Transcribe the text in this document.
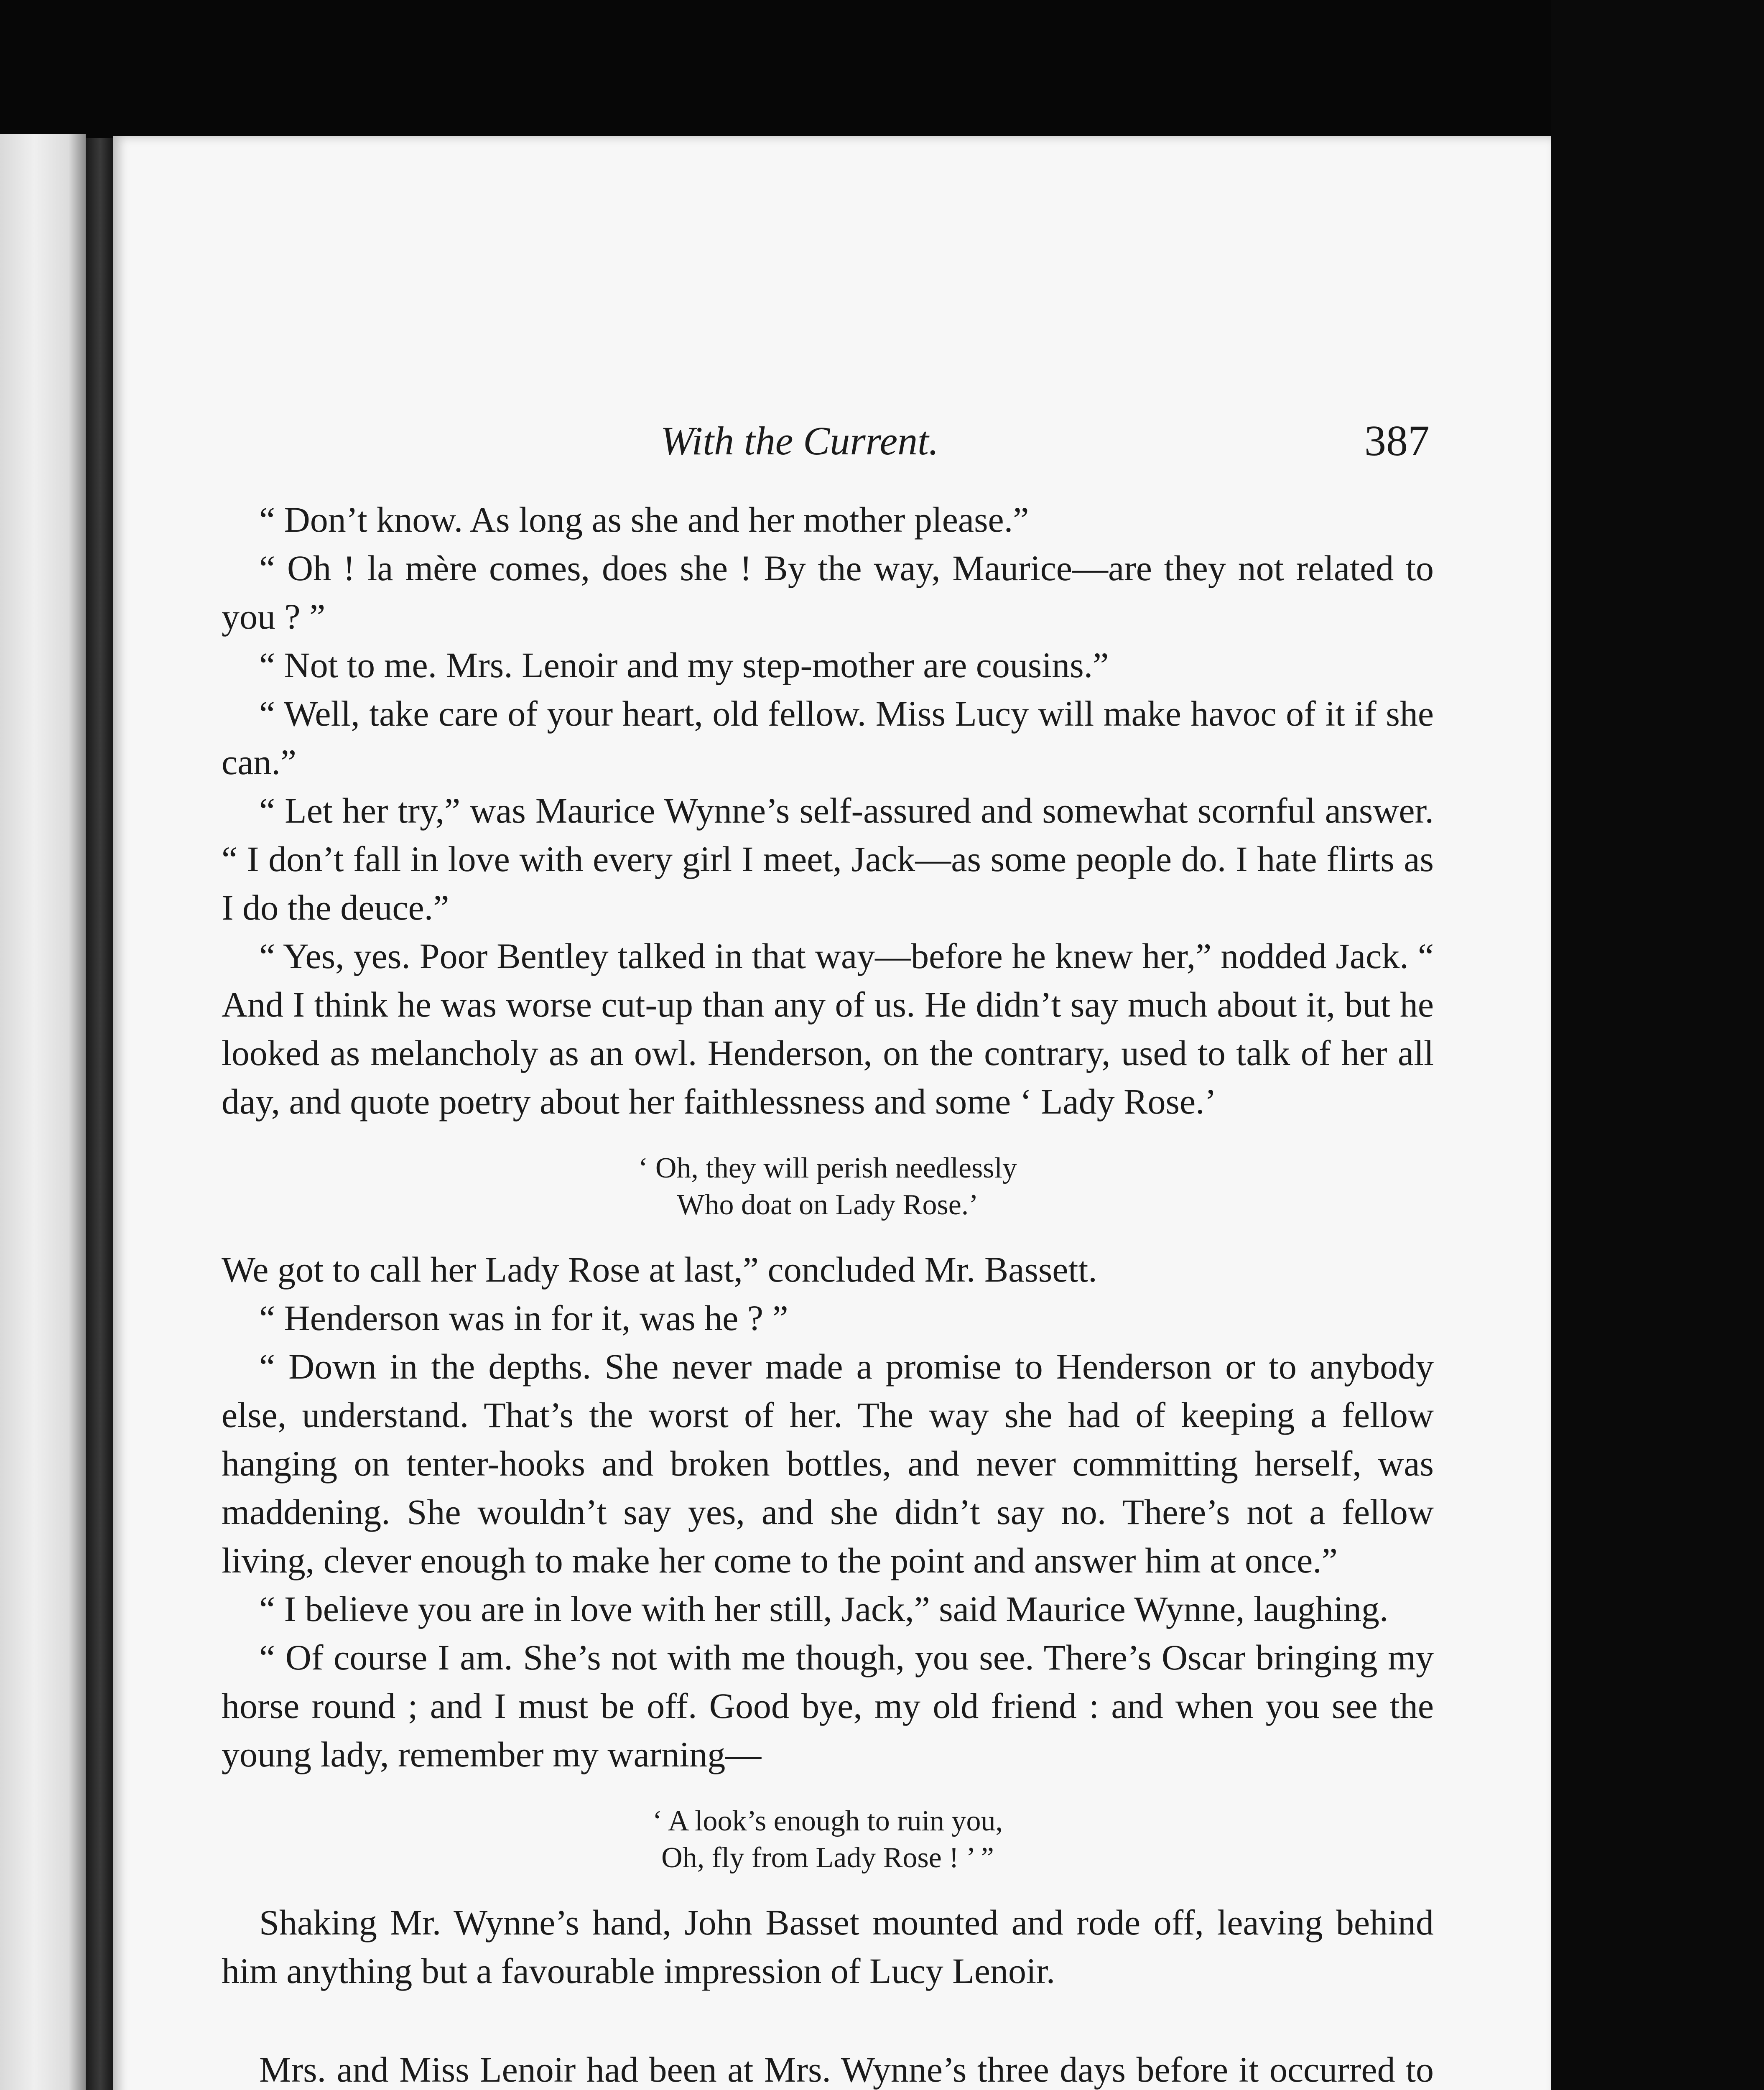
With the Current.	387

“ Don’t know. As long as she and her mother please.”

“ Oh ! la mère comes, does she ! By the way, Maurice—are they not related to you ? ”

“ Not to me. Mrs. Lenoir and my step-mother are cousins.”

“ Well, take care of your heart, old fellow. Miss Lucy will make havoc of it if she can.”

“ Let her try,” was Maurice Wynne’s self-assured and somewhat scornful answer. “ I don’t fall in love with every girl I meet, Jack—as some people do. I hate flirts as I do the deuce.”

“ Yes, yes. Poor Bentley talked in that way—before he knew her,” nodded Jack. “ And I think he was worse cut-up than any of us. He didn’t say much about it, but he looked as melancholy as an owl. Henderson, on the contrary, used to talk of her all day, and quote poetry about her faithlessness and some ‘ Lady Rose.’

‘ Oh, they will perish needlessly
Who doat on Lady Rose.’

We got to call her Lady Rose at last,” concluded Mr. Bassett.

“ Henderson was in for it, was he ? ”

“ Down in the depths. She never made a promise to Henderson or to anybody else, understand. That’s the worst of her. The way she had of keeping a fellow hanging on tenter-hooks and broken bottles, and never committing herself, was maddening. She wouldn’t say yes, and she didn’t say no. There’s not a fellow living, clever enough to make her come to the point and answer him at once.”

“ I believe you are in love with her still, Jack,” said Maurice Wynne, laughing.

“ Of course I am. She’s not with me though, you see. There’s Oscar bringing my horse round ; and I must be off. Good bye, my old friend : and when you see the young lady, remember my warning—

‘ A look’s enough to ruin you,
Oh, fly from Lady Rose ! ’ ”

Shaking Mr. Wynne’s hand, John Basset mounted and rode off, leaving behind him anything but a favourable impression of Lucy Lenoir.

Mrs. and Miss Lenoir had been at Mrs. Wynne’s three days before it occurred to
